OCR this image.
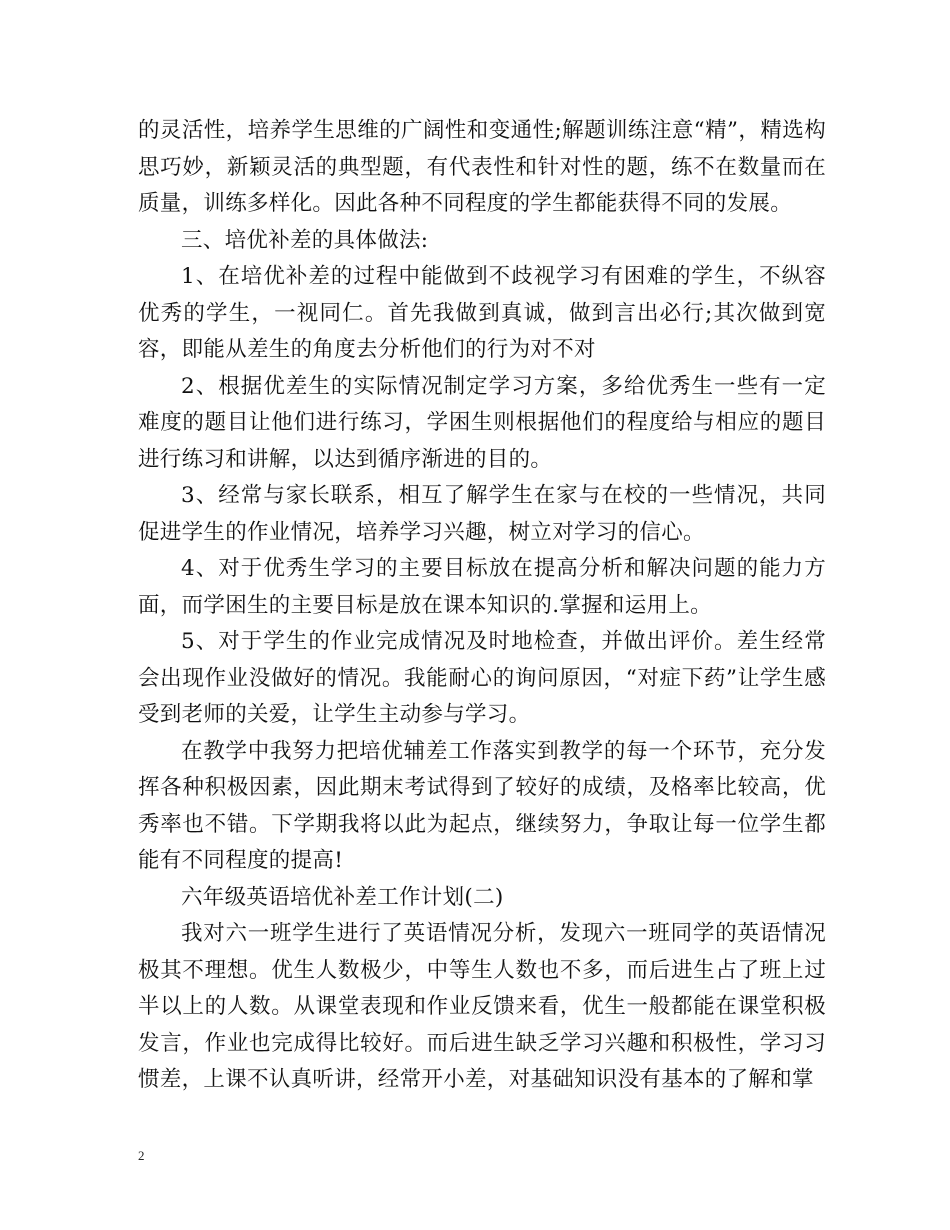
的灵活性，培养学生思维的广阔性和变通性;解题训练注意“精”，精选构思巧妙，新颖灵活的典型题，有代表性和针对性的题，练不在数量而在质量，训练多样化。因此各种不同程度的学生都能获得不同的发展。

三、培优补差的具体做法:

1、在培优补差的过程中能做到不歧视学习有困难的学生，不纵容优秀的学生，一视同仁。首先我做到真诚，做到言出必行;其次做到宽容，即能从差生的角度去分析他们的行为对不对

2、根据优差生的实际情况制定学习方案，多给优秀生一些有一定难度的题目让他们进行练习，学困生则根据他们的程度给与相应的题目进行练习和讲解，以达到循序渐进的目的。

3、经常与家长联系，相互了解学生在家与在校的一些情况，共同促进学生的作业情况，培养学习兴趣，树立对学习的信心。

4、对于优秀生学习的主要目标放在提高分析和解决问题的能力方面，而学困生的主要目标是放在课本知识的.掌握和运用上。

5、对于学生的作业完成情况及时地检查，并做出评价。差生经常会出现作业没做好的情况。我能耐心的询问原因，“对症下药”让学生感受到老师的关爱，让学生主动参与学习。

在教学中我努力把培优辅差工作落实到教学的每一个环节，充分发挥各种积极因素，因此期末考试得到了较好的成绩，及格率比较高，优秀率也不错。下学期我将以此为起点，继续努力，争取让每一位学生都能有不同程度的提高!

六年级英语培优补差工作计划(二)

我对六一班学生进行了英语情况分析，发现六一班同学的英语情况极其不理想。优生人数极少，中等生人数也不多，而后进生占了班上过半以上的人数。从课堂表现和作业反馈来看，优生一般都能在课堂积极发言，作业也完成得比较好。而后进生缺乏学习兴趣和积极性，学习习惯差，上课不认真听讲，经常开小差，对基础知识没有基本的了解和掌

2
